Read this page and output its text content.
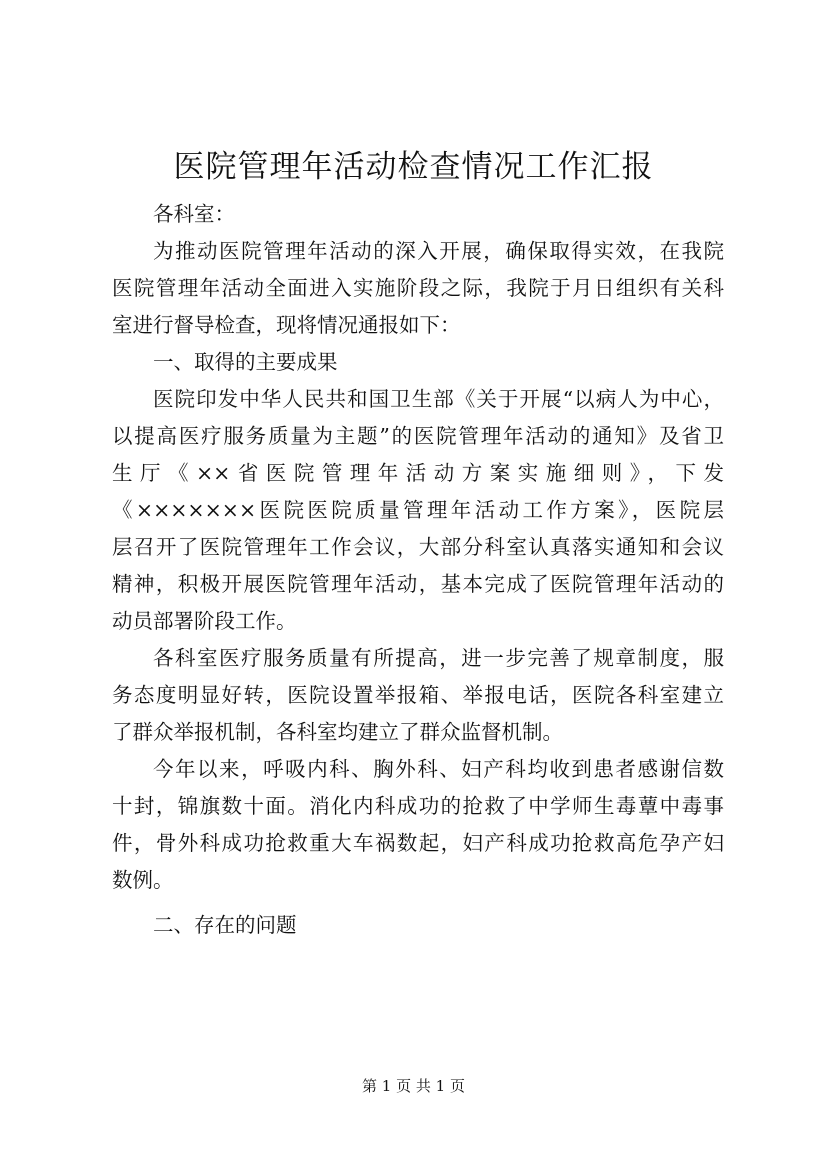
医院管理年活动检查情况工作汇报

各科室：

为推动医院管理年活动的深入开展，确保取得实效，在我院
医院管理年活动全面进入实施阶段之际，我院于月日组织有关科
室进行督导检查，现将情况通报如下：

一、取得的主要成果

医院印发中华人民共和国卫生部《关于开展“以病人为中心，
以提高医疗服务质量为主题”的医院管理年活动的通知》及省卫
生厅《××省医院管理年活动方案实施细则》，下发
《×××××××医院医院质量管理年活动工作方案》，医院层
层召开了医院管理年工作会议，大部分科室认真落实通知和会议
精神，积极开展医院管理年活动，基本完成了医院管理年活动的
动员部署阶段工作。

各科室医疗服务质量有所提高，进一步完善了规章制度，服
务态度明显好转，医院设置举报箱、举报电话，医院各科室建立
了群众举报机制，各科室均建立了群众监督机制。

今年以来，呼吸内科、胸外科、妇产科均收到患者感谢信数
十封，锦旗数十面。消化内科成功的抢救了中学师生毒蕈中毒事
件，骨外科成功抢救重大车祸数起，妇产科成功抢救高危孕产妇
数例。

二、存在的问题

第 1 页 共 1 页
